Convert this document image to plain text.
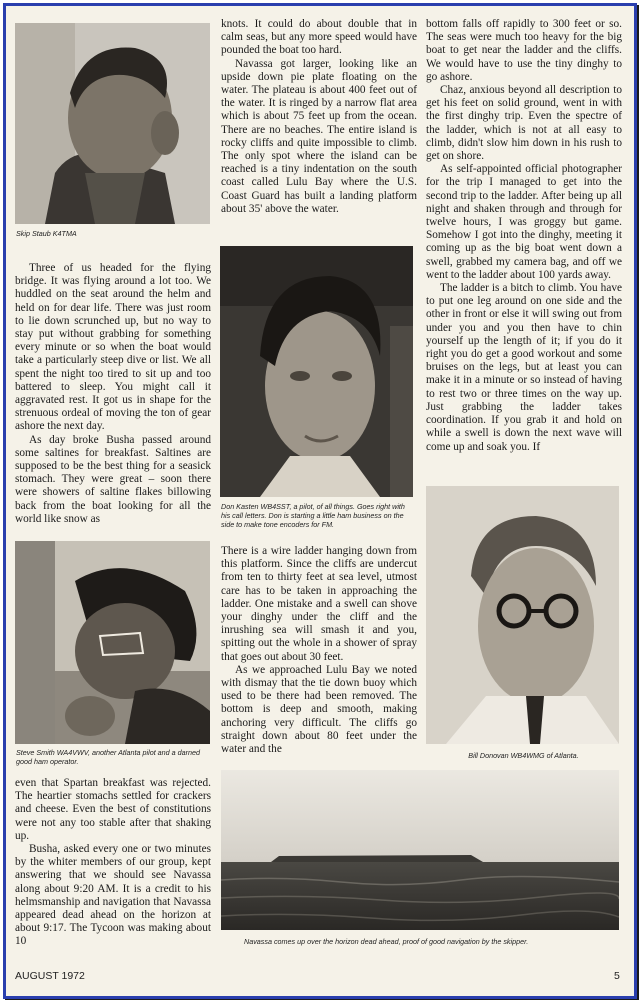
Skip Staub K4TMA

Three of us headed for the flying bridge. It was flying around a lot too. We huddled on the seat around the helm and held on for dear life. There was just room to lie down scrunched up, but no way to stay put without grabbing for something every minute or so when the boat would take a particularly steep dive or list. We all spent the night too tired to sit up and too battered to sleep. You might call it aggravated rest. It got us in shape for the strenuous ordeal of moving the ton of gear ashore the next day.

As day broke Busha passed around some saltines for breakfast. Saltines are supposed to be the best thing for a seasick stomach. They were great – soon there were showers of saltine flakes billowing back from the boat looking for all the world like snow as

Steve Smith WA4VWV, another Atlanta pilot and a darned good ham operator.

even that Spartan breakfast was rejected. The heartier stomachs settled for crackers and cheese. Even the best of constitutions were not any too stable after that shaking up.

Busha, asked every one or two minutes by the whiter members of our group, kept answering that we should see Navassa along about 9:20 AM. It is a credit to his helmsmanship and navigation that Navassa appeared dead ahead on the horizon at about 9:17. The Tycoon was making about 10

knots. It could do about double that in calm seas, but any more speed would have pounded the boat too hard.

Navassa got larger, looking like an upside down pie plate floating on the water. The plateau is about 400 feet out of the water. It is ringed by a narrow flat area which is about 75 feet up from the ocean. There are no beaches. The entire island is rocky cliffs and quite impossible to climb. The only spot where the island can be reached is a tiny indentation on the south coast called Lulu Bay where the U.S. Coast Guard has built a landing platform about 35' above the water.

Don Kasten WB4SST, a pilot, of all things. Goes right with his call letters. Don is starting a little ham business on the side to make tone encoders for FM.

There is a wire ladder hanging down from this platform. Since the cliffs are undercut from ten to thirty feet at sea level, utmost care has to be taken in approaching the ladder. One mistake and a swell can shove your dinghy under the cliff and the inrushing sea will smash it and you, spitting out the whole in a shower of spray that goes out about 30 feet.

As we approached Lulu Bay we noted with dismay that the tie down buoy which used to be there had been removed. The bottom is deep and smooth, making anchoring very difficult. The cliffs go straight down about 80 feet under the water and the

bottom falls off rapidly to 300 feet or so. The seas were much too heavy for the big boat to get near the ladder and the cliffs. We would have to use the tiny dinghy to go ashore.

Chaz, anxious beyond all description to get his feet on solid ground, went in with the first dinghy trip. Even the spectre of the ladder, which is not at all easy to climb, didn't slow him down in his rush to get on shore.

As self-appointed official photographer for the trip I managed to get into the second trip to the ladder. After being up all night and shaken through and through for twelve hours, I was groggy but game. Somehow I got into the dinghy, meeting it coming up as the big boat went down a swell, grabbed my camera bag, and off we went to the ladder about 100 yards away.

The ladder is a bitch to climb. You have to put one leg around on one side and the other in front or else it will swing out from under you and you then have to chin yourself up the length of it; if you do it right you do get a good workout and some bruises on the legs, but at least you can make it in a minute or so instead of having to rest two or three times on the way up. Just grabbing the ladder takes coordination. If you grab it and hold on while a swell is down the next wave will come up and soak you. If

Bill Donovan WB4WMG of Atlanta.

Navassa comes up over the horizon dead ahead, proof of good navigation by the skipper.

AUGUST 1972	5
